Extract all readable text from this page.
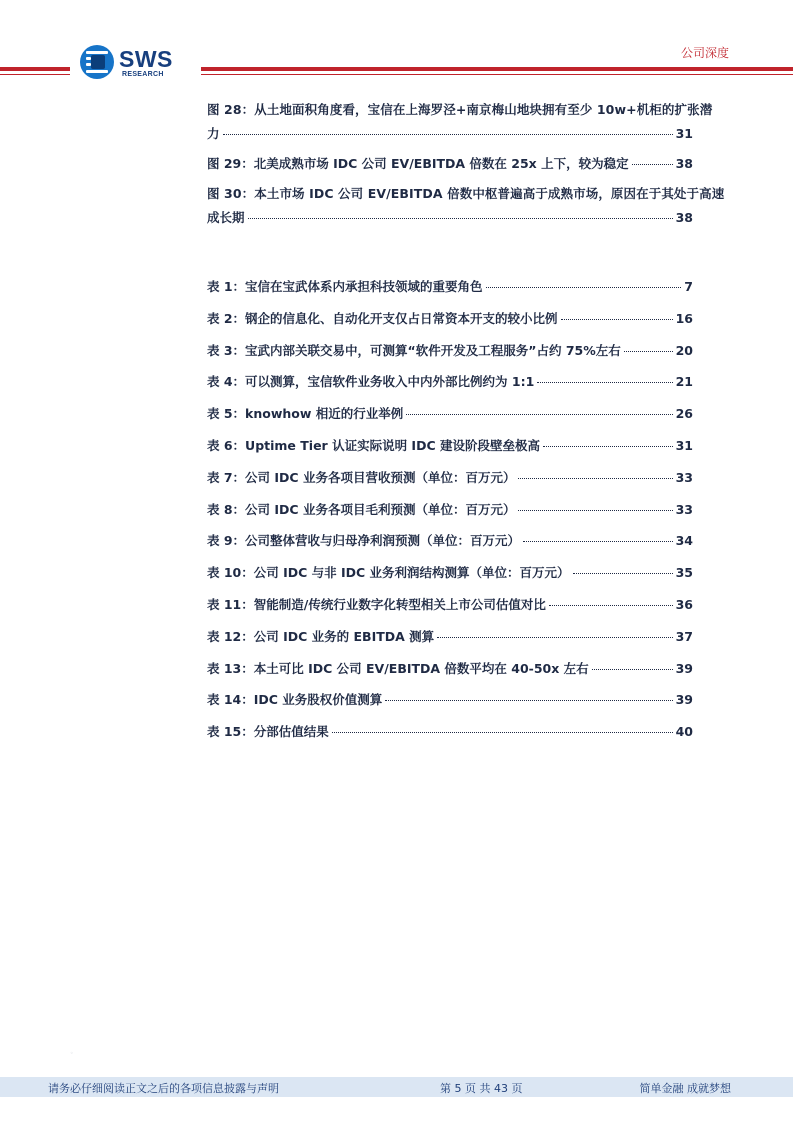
SWS
RESEARCH
公司深度
图 28：从土地面积角度看，宝信在上海罗泾+南京梅山地块拥有至少 10w+机柜的扩张潜
力	31
图 29：北美成熟市场 IDC 公司 EV/EBITDA 倍数在 25x 上下，较为稳定	38
图 30：本土市场 IDC 公司 EV/EBITDA 倍数中枢普遍高于成熟市场，原因在于其处于高速
成长期	38
表 1：宝信在宝武体系内承担科技领域的重要角色	7
表 2：钢企的信息化、自动化开支仅占日常资本开支的较小比例	16
表 3：宝武内部关联交易中，可测算“软件开发及工程服务”占约 75%左右	20
表 4：可以测算，宝信软件业务收入中内外部比例约为 1:1	21
表 5：knowhow 相近的行业举例	26
表 6：Uptime Tier 认证实际说明 IDC 建设阶段壁垒极高	31
表 7：公司 IDC 业务各项目营收预测（单位：百万元）	33
表 8：公司 IDC 业务各项目毛利预测（单位：百万元）	33
表 9：公司整体营收与归母净利润预测（单位：百万元）	34
表 10：公司 IDC 与非 IDC 业务利润结构测算（单位：百万元）	35
表 11：智能制造/传统行业数字化转型相关上市公司估值对比	36
表 12：公司 IDC 业务的 EBITDA 测算	37
表 13：本土可比 IDC 公司 EV/EBITDA 倍数平均在 40-50x 左右	39
表 14：IDC 业务股权价值测算	39
表 15：分部估值结果	40
◦
请务必仔细阅读正文之后的各项信息披露与声明	第 5 页 共 43 页	简单金融 成就梦想
